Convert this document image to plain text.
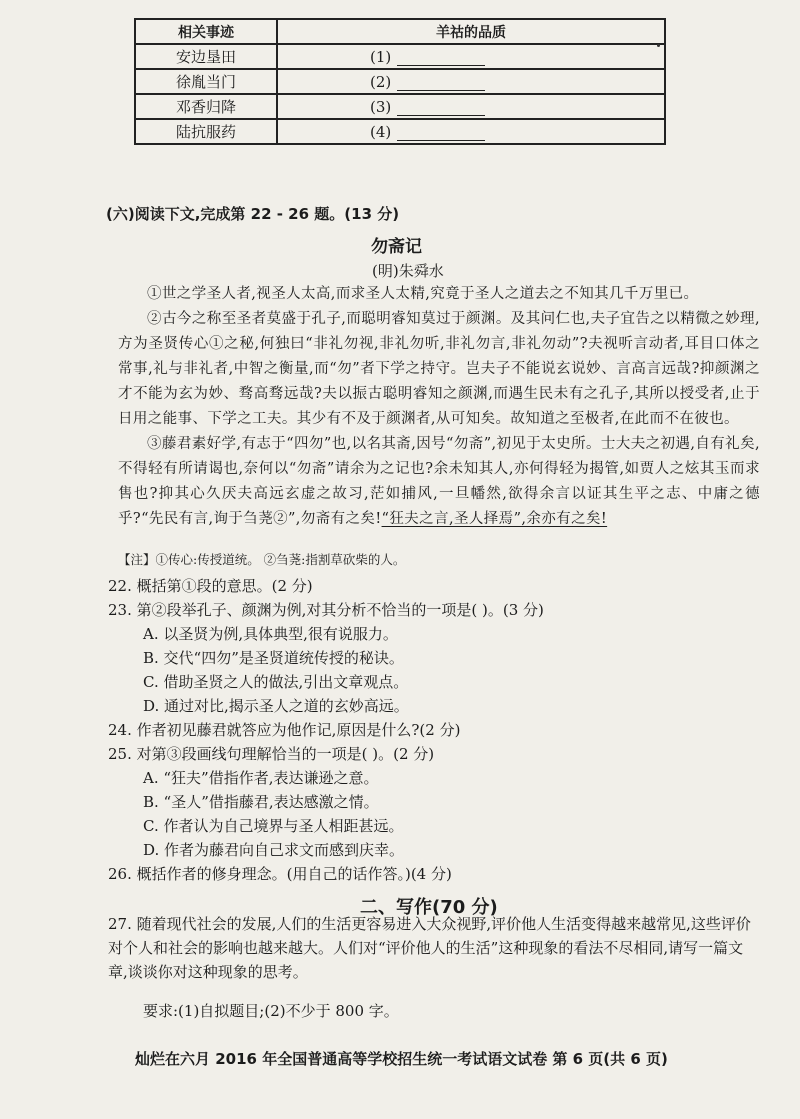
相关事迹	羊祜的品质
安边垦田	(1)
徐胤当门	(2)
邓香归降	(3)
陆抗服药	(4)
(六)阅读下文,完成第 22 - 26 题。(13 分)
勿斋记
(明)朱舜水

①世之学圣人者,视圣人太高,而求圣人太精,究竟于圣人之道去之不知其几千万里已。

②古今之称至圣者莫盛于孔子,而聪明睿知莫过于颜渊。及其问仁也,夫子宜告之以精微之妙理,方为圣贤传心①之秘,何独曰“非礼勿视,非礼勿听,非礼勿言,非礼勿动”?夫视听言动者,耳目口体之常事,礼与非礼者,中智之衡量,而“勿”者下学之持守。岂夫子不能说玄说妙、言高言远哉?抑颜渊之才不能为玄为妙、骛高骛远哉?夫以振古聪明睿知之颜渊,而遇生民未有之孔子,其所以授受者,止于日用之能事、下学之工夫。其少有不及于颜渊者,从可知矣。故知道之至极者,在此而不在彼也。

③藤君素好学,有志于“四勿”也,以名其斋,因号“勿斋”,初见于太史所。士大夫之初遇,自有礼矣,不得轻有所请谒也,奈何以“勿斋”请余为之记也?余未知其人,亦何得轻为揭管,如贾人之炫其玉而求售也?抑其心久厌夫高远玄虚之故习,茫如捕风,一旦幡然,欲得余言以证其生平之志、中庸之德乎?“先民有言,询于刍荛②”,勿斋有之矣!“狂夫之言,圣人择焉”,余亦有之矣!

【注】①传心:传授道统。 ②刍荛:指割草砍柴的人。
22. 概括第①段的意思。(2 分)
23. 第②段举孔子、颜渊为例,对其分析不恰当的一项是( )。(3 分)
A. 以圣贤为例,具体典型,很有说服力。
B. 交代“四勿”是圣贤道统传授的秘诀。
C. 借助圣贤之人的做法,引出文章观点。
D. 通过对比,揭示圣人之道的玄妙高远。
24. 作者初见藤君就答应为他作记,原因是什么?(2 分)
25. 对第③段画线句理解恰当的一项是( )。(2 分)
A. “狂夫”借指作者,表达谦逊之意。
B. “圣人”借指藤君,表达感激之情。
C. 作者认为自己境界与圣人相距甚远。
D. 作者为藤君向自己求文而感到庆幸。
26. 概括作者的修身理念。(用自己的话作答。)(4 分)
二、写作(70 分)
27. 随着现代社会的发展,人们的生活更容易进入大众视野,评价他人生活变得越来越常见,这些评价对个人和社会的影响也越来越大。人们对“评价他人的生活”这种现象的看法不尽相同,请写一篇文章,谈谈你对这种现象的思考。
要求:(1)自拟题目;(2)不少于 800 字。
灿烂在六月 2016 年全国普通高等学校招生统一考试语文试卷 第 6 页(共 6 页)
